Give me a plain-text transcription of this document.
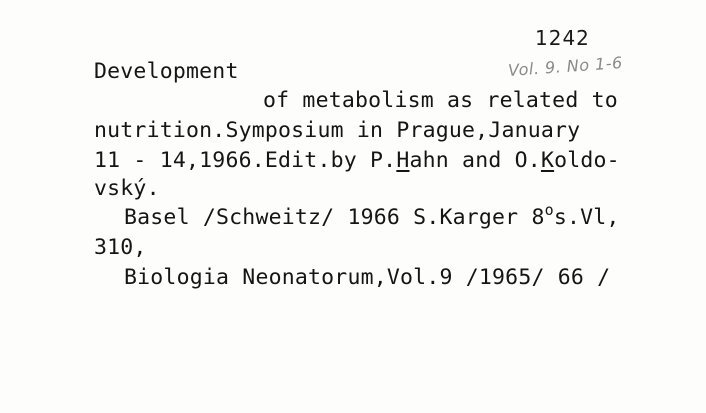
1242
Vol. 9. No 1-6
Development
of metabolism as related to
nutrition.Symposium in Prague,January
11 - 14,1966.Edit.by P.Hahn and O.Koldo-
vský.
Basel /Schweitz/ 1966 S.Karger 8$^o$s.Vl,
310,
Biologia Neonatorum,Vol.9 /1965/ 66 /
